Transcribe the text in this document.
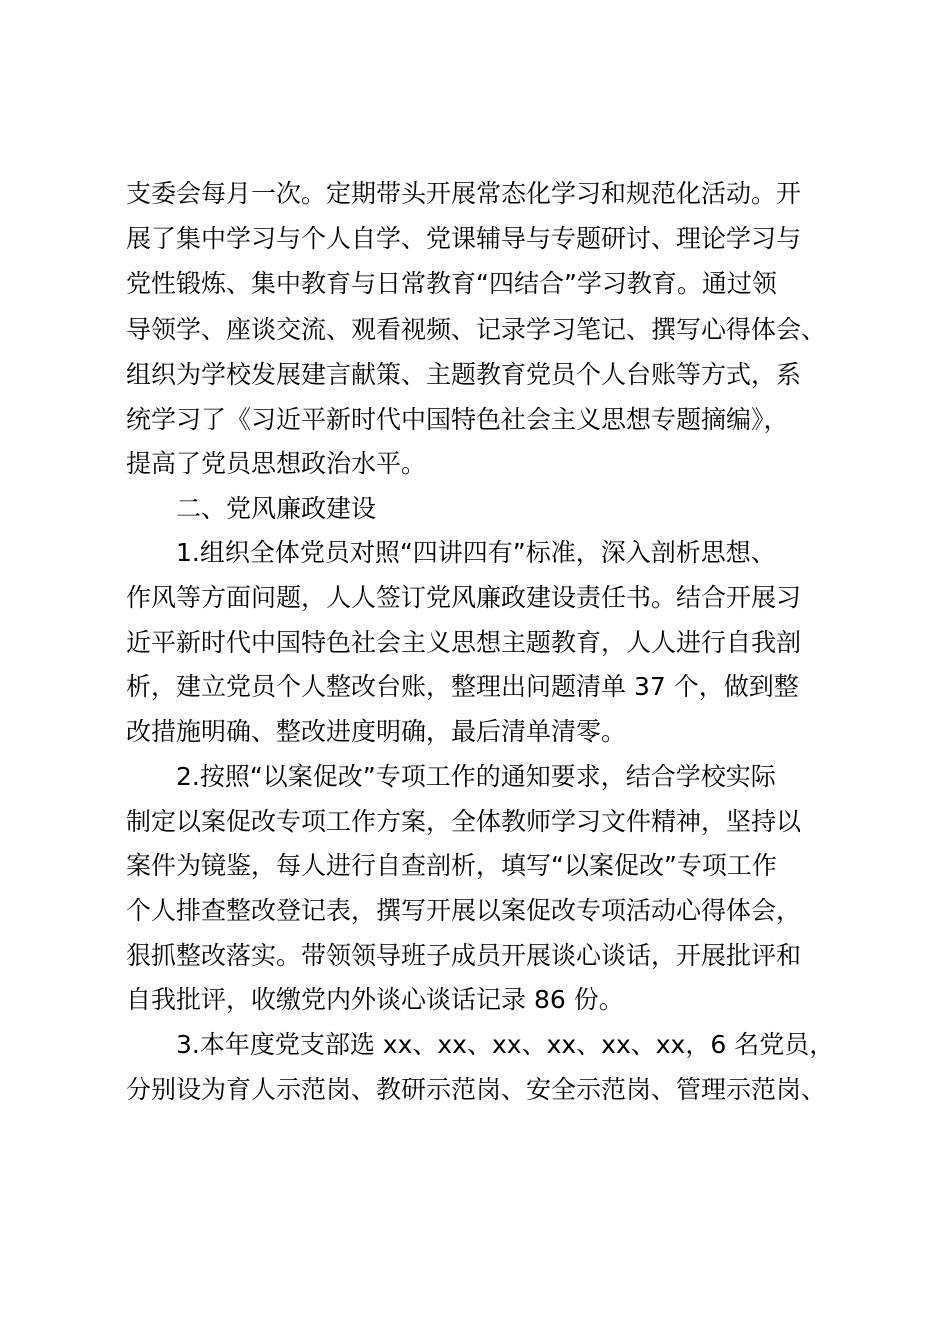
支委会每月一次。定期带头开展常态化学习和规范化活动。开
展了集中学习与个人自学、党课辅导与专题研讨、理论学习与
党性锻炼、集中教育与日常教育“四结合”学习教育。通过领
导领学、座谈交流、观看视频、记录学习笔记、撰写心得体会、
组织为学校发展建言献策、主题教育党员个人台账等方式，系
统学习了《习近平新时代中国特色社会主义思想专题摘编》，
提高了党员思想政治水平。
二、党风廉政建设
1.组织全体党员对照“四讲四有”标准，深入剖析思想、
作风等方面问题，人人签订党风廉政建设责任书。结合开展习
近平新时代中国特色社会主义思想主题教育，人人进行自我剖
析，建立党员个人整改台账，整理出问题清单 37 个，做到整
改措施明确、整改进度明确，最后清单清零。
2.按照“以案促改”专项工作的通知要求，结合学校实际
制定以案促改专项工作方案，全体教师学习文件精神，坚持以
案件为镜鉴，每人进行自查剖析，填写“以案促改”专项工作
个人排查整改登记表，撰写开展以案促改专项活动心得体会，
狠抓整改落实。带领领导班子成员开展谈心谈话，开展批评和
自我批评，收缴党内外谈心谈话记录 86 份。
3.本年度党支部选 xx、xx、xx、xx、xx、xx，6 名党员，
分别设为育人示范岗、教研示范岗、安全示范岗、管理示范岗、
